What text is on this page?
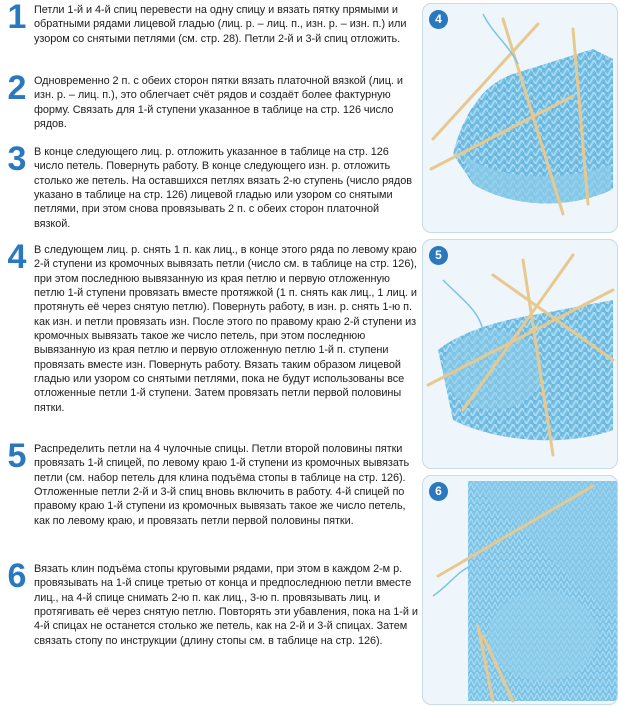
1 Петли 1-й и 4-й спиц перевести на одну спицу и вязать пятку прямыми и обратными рядами лицевой гладью (лиц. р. – лиц. п., изн. р. – изн. п.) или узором со снятыми петлями (см. стр. 28). Петли 2-й и 3-й спиц отложить.
2 Одновременно 2 п. с обеих сторон пятки вязать платочной вязкой (лиц. и изн. р. – лиц. п.), это облегчает счёт рядов и создаёт более фактурную форму. Связать для 1-й ступени указанное в таблице на стр. 126 число рядов.
3 В конце следующего лиц. р. отложить указанное в таблице на стр. 126 число петель. Повернуть работу. В конце следующего изн. р. отложить столько же петель. На оставшихся петлях вязать 2-ю ступень (число рядов указано в таблице на стр. 126) лицевой гладью или узором со снятыми петлями, при этом снова провязывать 2 п. с обеих сторон платочной вязкой.
4 В следующем лиц. р. снять 1 п. как лиц., в конце этого ряда по левому краю 2-й ступени из кромочных вывязать петли (число см. в таблице на стр. 126), при этом последнюю вывязанную из края петлю и первую отложенную петлю 1-й ступени провязать вместе протяжкой (1 п. снять как лиц., 1 лиц. и протянуть её через снятую петлю). Повернуть работу, в изн. р. снять 1-ю п. как изн. и петли провязать изн. После этого по правому краю 2-й ступени из кромочных вывязать такое же число петель, при этом последнюю вывязанную из края петлю и первую отложенную петлю 1-й п. ступени провязать вместе изн. Повернуть работу. Вязать таким образом лицевой гладью или узором со снятыми петлями, пока не будут использованы все отложенные петли 1-й ступени. Затем провязать петли первой половины пятки.
5 Распределить петли на 4 чулочные спицы. Петли второй половины пятки провязать 1-й спицей, по левому краю 1-й ступени из кромочных вывязать петли (см. набор петель для клина подъёма стопы в таблице на стр. 126). Отложенные петли 2-й и 3-й спиц вновь включить в работу. 4-й спицей по правому краю 1-й ступени из кромочных вывязать такое же число петель, как по левому краю, и провязать петли первой половины пятки.
6 Вязать клин подъёма стопы круговыми рядами, при этом в каждом 2-м р. провязывать на 1-й спице третью от конца и предпоследнюю петли вместе лиц., на 4-й спице снимать 2-ю п. как лиц., 3-ю п. провязывать лиц. и протягивать её через снятую петлю. Повторять эти убавления, пока на 1-й и 4-й спицах не останется столько же петель, как на 2-й и 3-й спицах. Затем связать стопу по инструкции (длину стопы см. в таблице на стр. 126).
4
5
6
